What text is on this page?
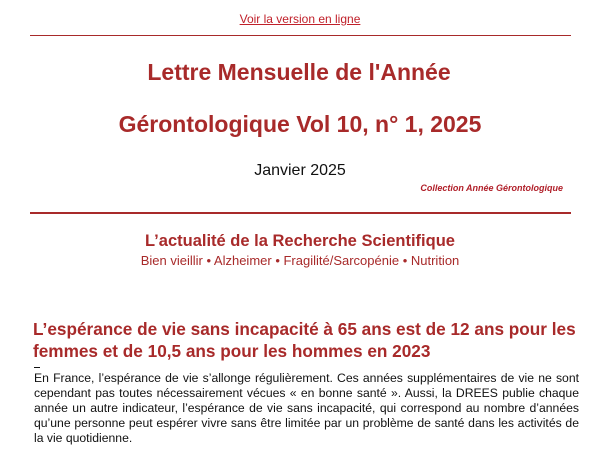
Voir la version en ligne
Lettre Mensuelle de l'Année
Gérontologique Vol 10, n° 1, 2025
Janvier 2025
Collection Année Gérontologique
L’actualité de la Recherche Scientifique
Bien vieillir • Alzheimer • Fragilité/Sarcopénie • Nutrition
L’espérance de vie sans incapacité à 65 ans est de 12 ans pour les femmes et de 10,5 ans pour les hommes en 2023

En France, l’espérance de vie s’allonge régulièrement. Ces années supplémentaires de vie ne sont cependant pas toutes nécessairement vécues « en bonne santé ». Aussi, la DREES publie chaque année un autre indicateur, l’espérance de vie sans incapacité, qui correspond au nombre d’années qu’une personne peut espérer vivre sans être limitée par un problème de santé dans les activités de la vie quotidienne.
